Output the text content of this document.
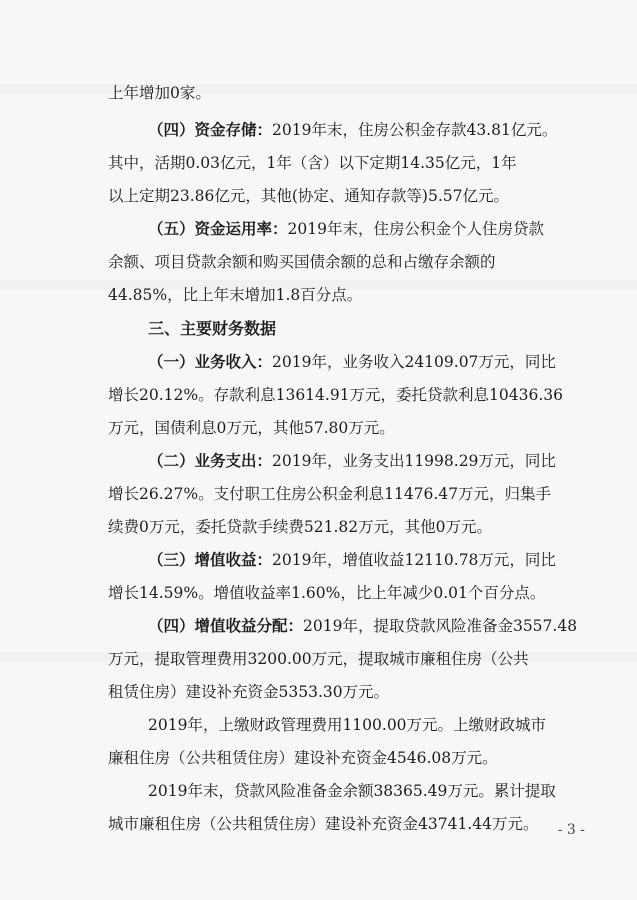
上年增加0家。
（四）资金存储：2019年末，住房公积金存款43.81亿元。
其中，活期0.03亿元，1年（含）以下定期14.35亿元，1年
以上定期23.86亿元，其他(协定、通知存款等)5.57亿元。
（五）资金运用率：2019年末，住房公积金个人住房贷款
余额、项目贷款余额和购买国债余额的总和占缴存余额的
44.85%，比上年末增加1.8百分点。
三、主要财务数据
（一）业务收入：2019年，业务收入24109.07万元，同比
增长20.12%。存款利息13614.91万元，委托贷款利息10436.36
万元，国债利息0万元，其他57.80万元。
（二）业务支出：2019年，业务支出11998.29万元，同比
增长26.27%。支付职工住房公积金利息11476.47万元，归集手
续费0万元，委托贷款手续费521.82万元，其他0万元。
（三）增值收益：2019年，增值收益12110.78万元，同比
增长14.59%。增值收益率1.60%，比上年减少0.01个百分点。
（四）增值收益分配：2019年，提取贷款风险准备金3557.48
万元，提取管理费用3200.00万元，提取城市廉租住房（公共
租赁住房）建设补充资金5353.30万元。
2019年，上缴财政管理费用1100.00万元。上缴财政城市
廉租住房（公共租赁住房）建设补充资金4546.08万元。
2019年末，贷款风险准备金余额38365.49万元。累计提取
城市廉租住房（公共租赁住房）建设补充资金43741.44万元。	- 3 -
